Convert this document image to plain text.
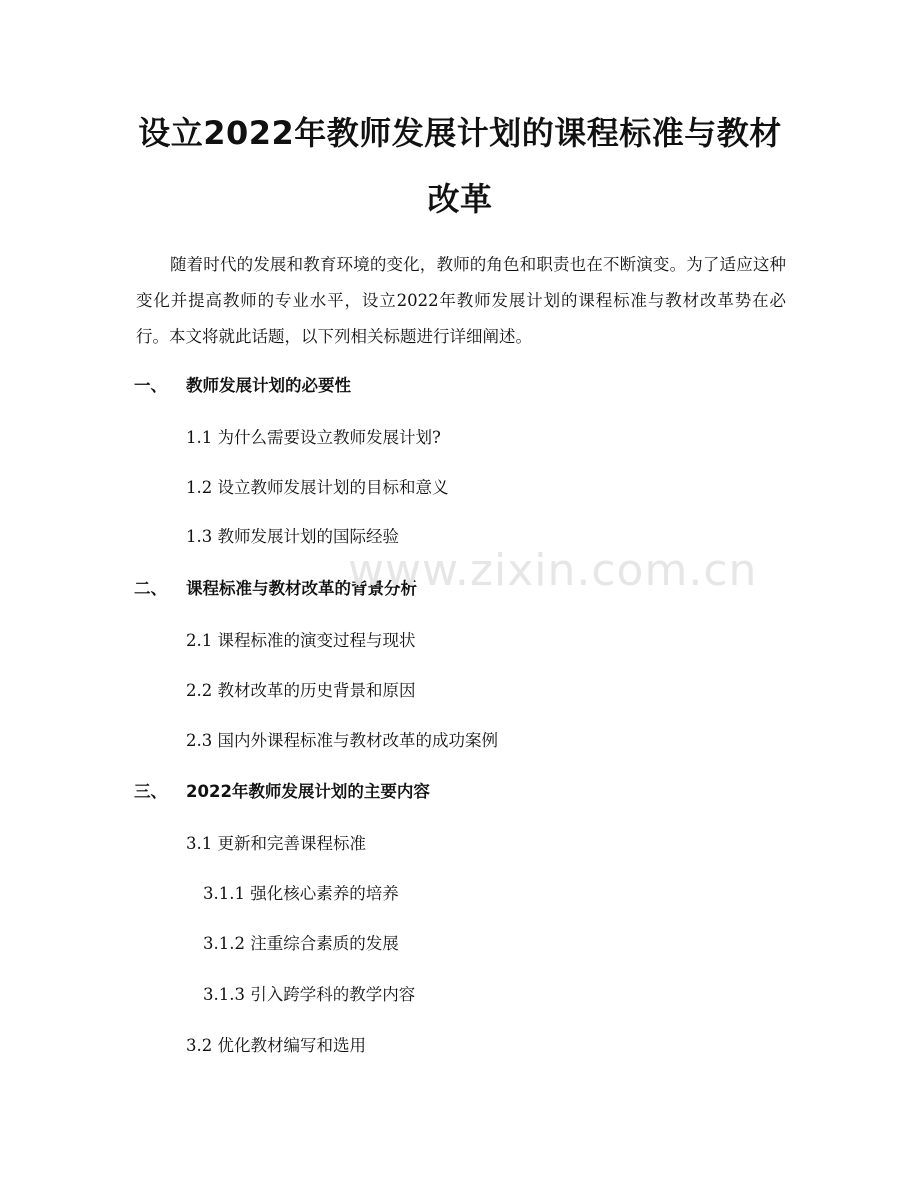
设立2022年教师发展计划的课程标准与教材
改革

随着时代的发展和教育环境的变化，教师的角色和职责也在不断演变。为了适应这种变化并提高教师的专业水平，设立2022年教师发展计划的课程标准与教材改革势在必行。本文将就此话题，以下列相关标题进行详细阐述。

一、 教师发展计划的必要性

1.1 为什么需要设立教师发展计划?

1.2 设立教师发展计划的目标和意义

1.3 教师发展计划的国际经验

二、 课程标准与教材改革的背景分析

2.1 课程标准的演变过程与现状

2.2 教材改革的历史背景和原因

2.3 国内外课程标准与教材改革的成功案例

三、 2022年教师发展计划的主要内容

3.1 更新和完善课程标准

3.1.1 强化核心素养的培养

3.1.2 注重综合素质的发展

3.1.3 引入跨学科的教学内容

3.2 优化教材编写和选用

www.zixin.com.cn
